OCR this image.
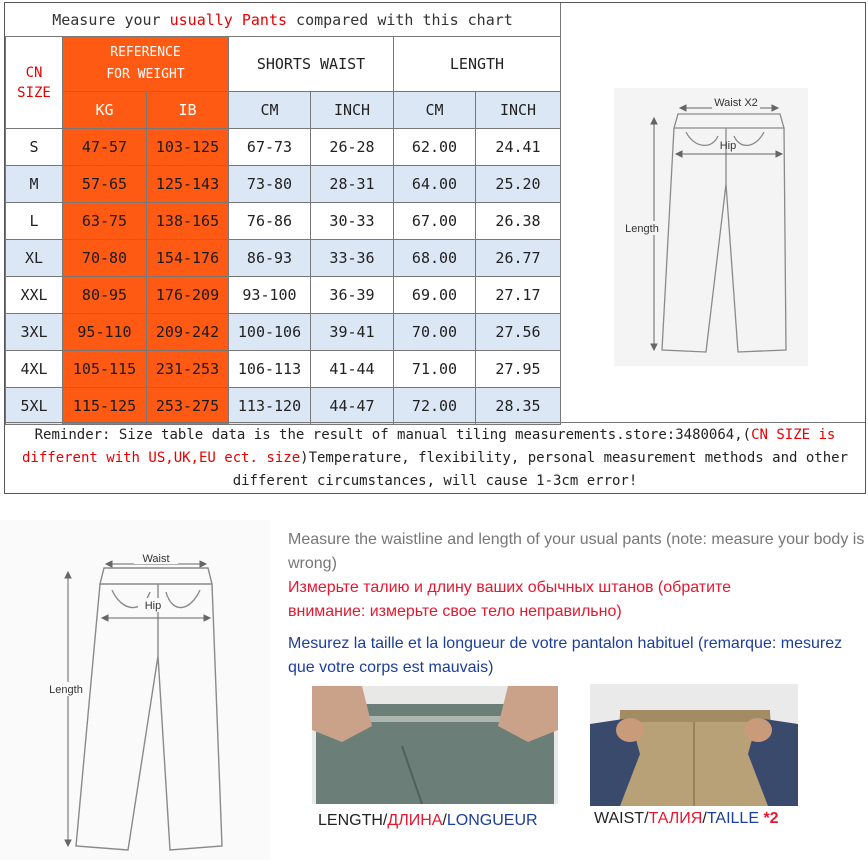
Measure your usually Pants compared with this chart
CN SIZE	REFERENCE
FOR WEIGHT		SHORTS WAIST		LENGTH	
	KG	IB	CM	INCH	CM	INCH
S	47-57	103-125	67-73	26-28	62.00	24.41
M	57-65	125-143	73-80	28-31	64.00	25.20
L	63-75	138-165	76-86	30-33	67.00	26.38
XL	70-80	154-176	86-93	33-36	68.00	26.77
XXL	80-95	176-209	93-100	36-39	69.00	27.17
3XL	95-110	209-242	100-106	39-41	70.00	27.56
4XL	105-115	231-253	106-113	41-44	71.00	27.95
5XL	115-125	253-275	113-120	44-47	72.00	28.35
Reminder: Size table data is the result of manual tiling measurements.store:3480064,(CN SIZE is different with US,UK,EU ect. size)Temperature, flexibility, personal measurement methods and other different circumstances, will cause 1-3cm error!
Waist X2
Hip
Length
Waist
Hip
Length
Measure the waistline and length of your usual pants (note: measure your body is wrong)
Измерьте талию и длину ваших обычных штанов (обратите внимание: измерьте свое тело неправильно)
Mesurez la taille et la longueur de votre pantalon habituel (remarque: mesurez que votre corps est mauvais)
LENGTH/ДЛИНА/LONGUEUR	WAIST/ТАЛИЯ/TAILLE *2
